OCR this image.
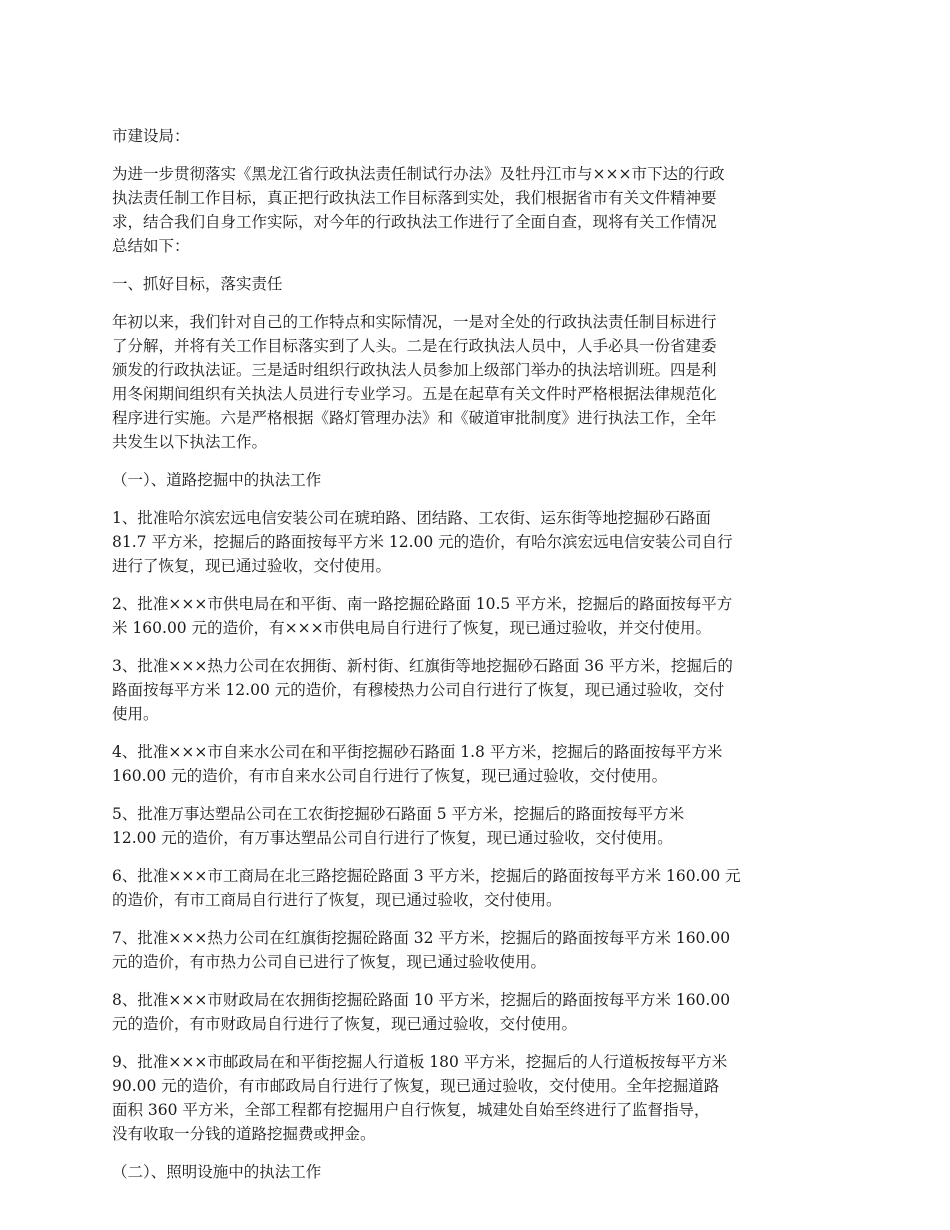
市建设局：

为进一步贯彻落实《黑龙江省行政执法责任制试行办法》及牡丹江市与×××市下达的行政
执法责任制工作目标，真正把行政执法工作目标落到实处，我们根据省市有关文件精神要
求，结合我们自身工作实际，对今年的行政执法工作进行了全面自查，现将有关工作情况
总结如下：

一、抓好目标，落实责任

年初以来，我们针对自己的工作特点和实际情况，一是对全处的行政执法责任制目标进行
了分解，并将有关工作目标落实到了人头。二是在行政执法人员中，人手必具一份省建委
颁发的行政执法证。三是适时组织行政执法人员参加上级部门举办的执法培训班。四是利
用冬闲期间组织有关执法人员进行专业学习。五是在起草有关文件时严格根据法律规范化
程序进行实施。六是严格根据《路灯管理办法》和《破道审批制度》进行执法工作，全年
共发生以下执法工作。

（一）、道路挖掘中的执法工作

1、批准哈尔滨宏远电信安装公司在琥珀路、团结路、工农街、运东街等地挖掘砂石路面
81.7 平方米，挖掘后的路面按每平方米 12.00 元的造价，有哈尔滨宏远电信安装公司自行
进行了恢复，现已通过验收，交付使用。

2、批准×××市供电局在和平街、南一路挖掘砼路面 10.5 平方米，挖掘后的路面按每平方
米 160.00 元的造价，有×××市供电局自行进行了恢复，现已通过验收，并交付使用。

3、批准×××热力公司在农拥街、新村街、红旗街等地挖掘砂石路面 36 平方米，挖掘后的
路面按每平方米 12.00 元的造价，有穆棱热力公司自行进行了恢复，现已通过验收，交付
使用。

4、批准×××市自来水公司在和平街挖掘砂石路面 1.8 平方米，挖掘后的路面按每平方米
160.00 元的造价，有市自来水公司自行进行了恢复，现已通过验收，交付使用。

5、批准万事达塑品公司在工农街挖掘砂石路面 5 平方米，挖掘后的路面按每平方米
12.00 元的造价，有万事达塑品公司自行进行了恢复，现已通过验收，交付使用。

6、批准×××市工商局在北三路挖掘砼路面 3 平方米，挖掘后的路面按每平方米 160.00 元
的造价，有市工商局自行进行了恢复，现已通过验收，交付使用。

7、批准×××热力公司在红旗街挖掘砼路面 32 平方米，挖掘后的路面按每平方米 160.00
元的造价，有市热力公司自已进行了恢复，现已通过验收使用。

8、批准×××市财政局在农拥街挖掘砼路面 10 平方米，挖掘后的路面按每平方米 160.00
元的造价，有市财政局自行进行了恢复，现已通过验收，交付使用。

9、批准×××市邮政局在和平街挖掘人行道板 180 平方米，挖掘后的人行道板按每平方米
90.00 元的造价，有市邮政局自行进行了恢复，现已通过验收，交付使用。全年挖掘道路
面积 360 平方米，全部工程都有挖掘用户自行恢复，城建处自始至终进行了监督指导，
没有收取一分钱的道路挖掘费或押金。

（二）、照明设施中的执法工作
